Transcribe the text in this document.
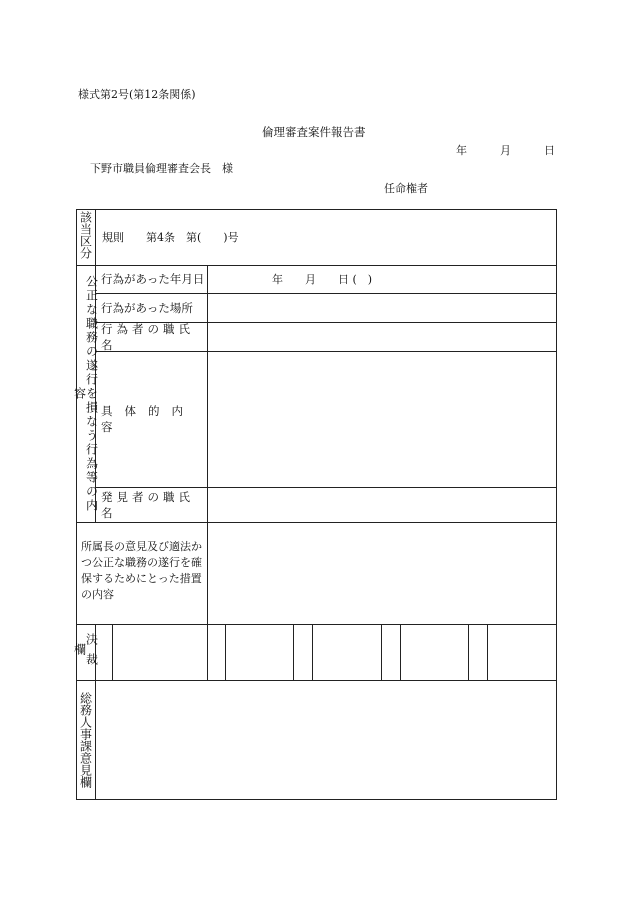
様式第2号(第12条関係)
倫理審査案件報告書
年	月	日
下野市職員倫理審査会長　様
任命権者
該当区分 規則　　第4条　第(　　)号
公正な職務の遂行を損なう行為等の内容
行為があった年月日	年　　月　　日 (　)
行為があった場所
行為者の職氏名
具体的内容
発見者の職氏名
所属長の意見及び適法かつ公正な職務の遂行を確保するためにとった措置の内容
決裁欄
総務人事課意見欄
